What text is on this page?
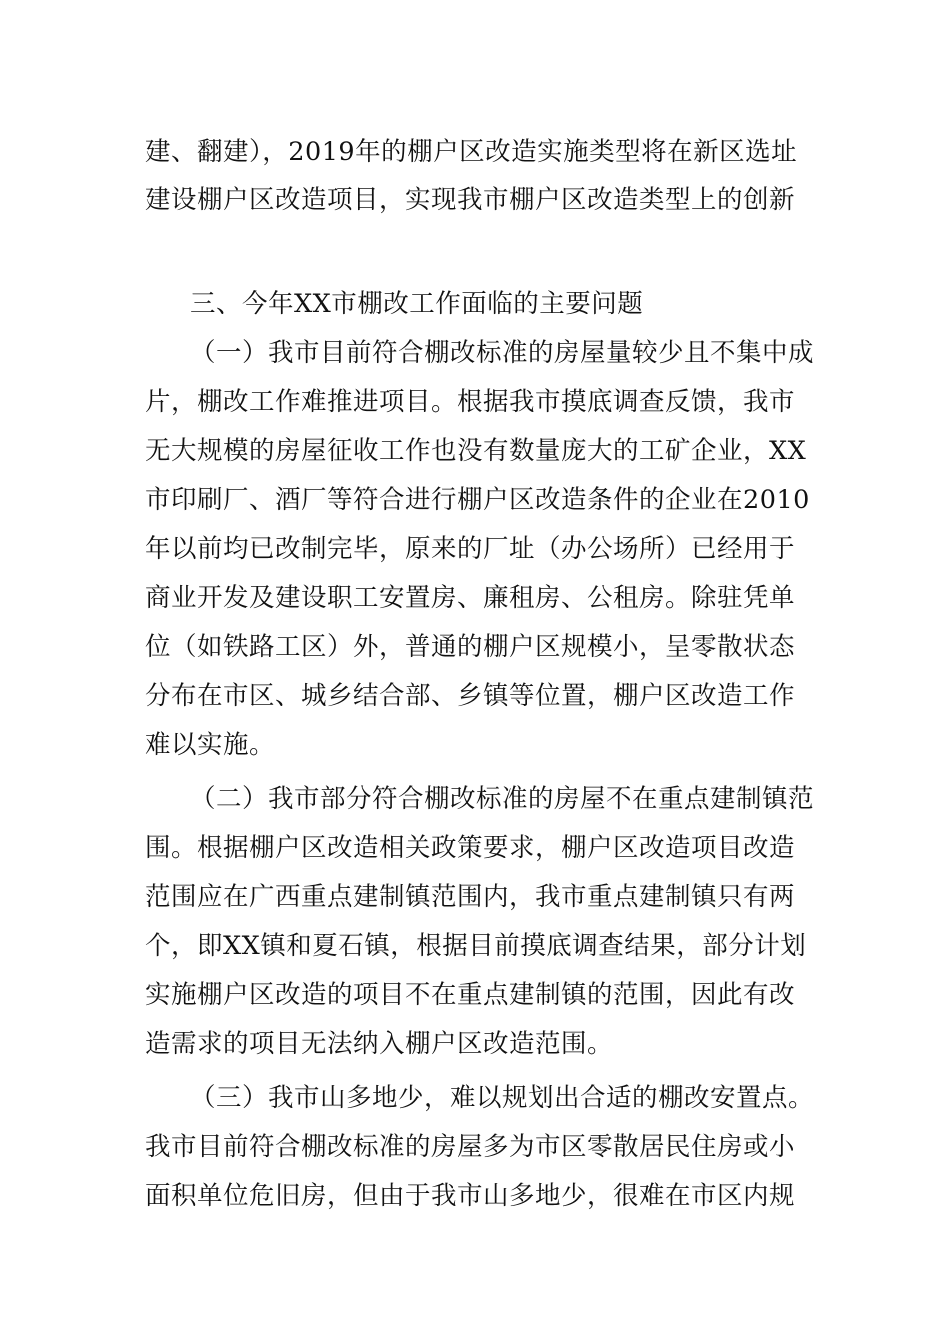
建、翻建），2019年的棚户区改造实施类型将在新区选址
建设棚户区改造项目，实现我市棚户区改造类型上的创新
三、今年XX市棚改工作面临的主要问题
（一）我市目前符合棚改标准的房屋量较少且不集中成
片，棚改工作难推进项目。根据我市摸底调查反馈，我市
无大规模的房屋征收工作也没有数量庞大的工矿企业，XX
市印刷厂、酒厂等符合进行棚户区改造条件的企业在2010
年以前均已改制完毕，原来的厂址（办公场所）已经用于
商业开发及建设职工安置房、廉租房、公租房。除驻凭单
位（如铁路工区）外，普通的棚户区规模小，呈零散状态
分布在市区、城乡结合部、乡镇等位置，棚户区改造工作
难以实施。
（二）我市部分符合棚改标准的房屋不在重点建制镇范
围。根据棚户区改造相关政策要求，棚户区改造项目改造
范围应在广西重点建制镇范围内，我市重点建制镇只有两
个，即XX镇和夏石镇，根据目前摸底调查结果，部分计划
实施棚户区改造的项目不在重点建制镇的范围，因此有改
造需求的项目无法纳入棚户区改造范围。
（三）我市山多地少，难以规划出合适的棚改安置点。
我市目前符合棚改标准的房屋多为市区零散居民住房或小
面积单位危旧房，但由于我市山多地少，很难在市区内规
